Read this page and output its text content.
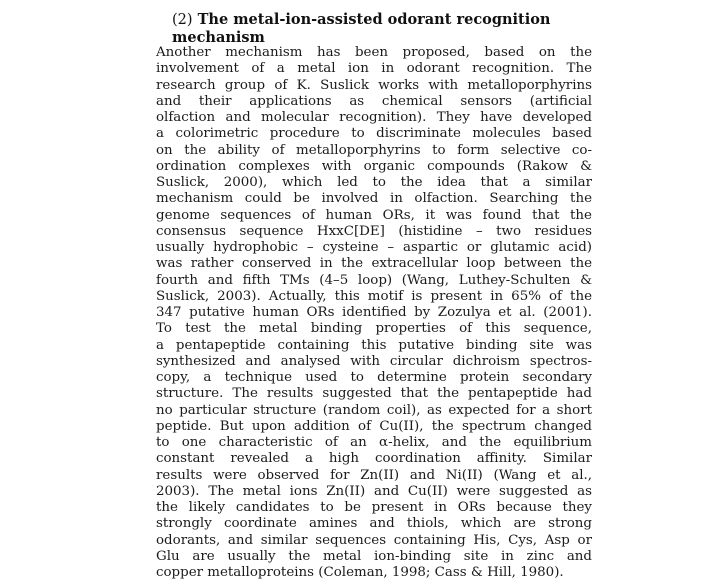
(2) The metal-ion-assisted odorant recognition
mechanism
Another mechanism has been proposed, based on the
involvement of a metal ion in odorant recognition. The
research group of K. Suslick works with metalloporphyrins
and their applications as chemical sensors (artificial
olfaction and molecular recognition). They have developed
a colorimetric procedure to discriminate molecules based
on the ability of metalloporphyrins to form selective co-
ordination complexes with organic compounds (Rakow &
Suslick, 2000), which led to the idea that a similar
mechanism could be involved in olfaction. Searching the
genome sequences of human ORs, it was found that the
consensus sequence HxxC[DE] (histidine – two residues
usually hydrophobic – cysteine – aspartic or glutamic acid)
was rather conserved in the extracellular loop between the
fourth and fifth TMs (4–5 loop) (Wang, Luthey-Schulten &
Suslick, 2003). Actually, this motif is present in 65% of the
347 putative human ORs identified by Zozulya et al. (2001).
To test the metal binding properties of this sequence,
a pentapeptide containing this putative binding site was
synthesized and analysed with circular dichroism spectros-
copy, a technique used to determine protein secondary
structure. The results suggested that the pentapeptide had
no particular structure (random coil), as expected for a short
peptide. But upon addition of Cu(II), the spectrum changed
to one characteristic of an α-helix, and the equilibrium
constant revealed a high coordination affinity. Similar
results were observed for Zn(II) and Ni(II) (Wang et al.,
2003). The metal ions Zn(II) and Cu(II) were suggested as
the likely candidates to be present in ORs because they
strongly coordinate amines and thiols, which are strong
odorants, and similar sequences containing His, Cys, Asp or
Glu are usually the metal ion-binding site in zinc and
copper metalloproteins (Coleman, 1998; Cass & Hill, 1980).
